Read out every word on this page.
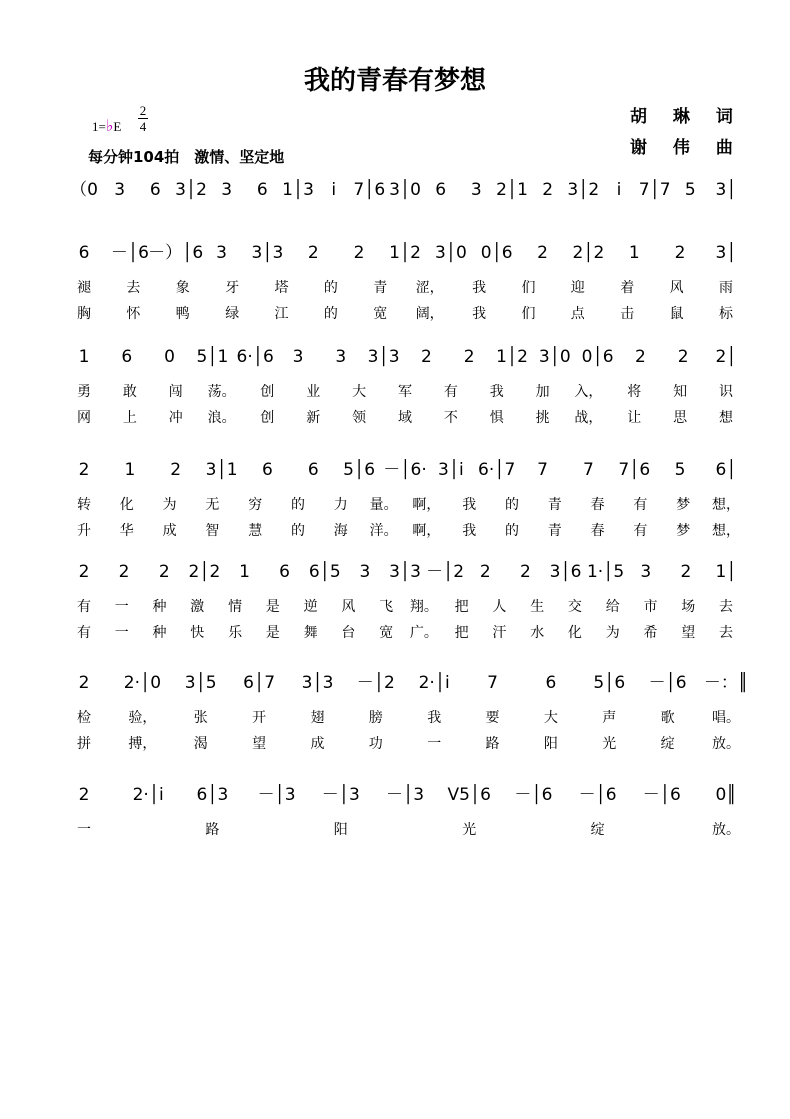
我的青春有梦想
1=♭E
2
4
每分钟104拍　激情、坚定地
胡 琳 词
谢 伟 曲
（0 3 6 3│2 3 6 1│3 i 7│6 3│0 6 3 2│1 2 3│2 i 7│7 5 3│
6 －│6 －）│6 3 3│3 2 2 1│2 3│0 0│6 2 2│2 1 2 3│
褪	去	象	牙	塔	的	青 涩， 我	们	迎	着	风	雨
胸	怀	鸭	绿	江	的	宽 阔， 我	们	点	击	鼠	标
1 6 0 5│1 6·│6 3 3 3│3 2 2 1│2 3│0 0│6 2 2 2│
勇 敢 闯 荡。 创 业 大 军 有 我 加 入， 将 知 识
网 上 冲 浪。 创 新 领 域 不 惧 挑 战， 让 思 想
2 1 2 3│1 6 6 5│6 －│6· 3│i 6·│7 7 7 7│6 5 6│
转 化 为 无 穷 的 力 量。 啊， 我 的 青 春 有 梦 想，
升 华 成 智 慧 的 海 洋。 啊， 我 的 青 春 有 梦 想，
2 2 2 2│2 1 6 6│5 3 3│3 －│2 2 2 3│6 1·│5 3 2 1│
有 一 种 激 情 是 逆 风 飞 翔。 把 人 生 交 给 市 场 去
有 一 种 快 乐 是 舞 台 宽 广。 把 汗 水 化 为 希 望 去
2 2·│0 3│5 6│7 3│3 －│2 2·│i 7	6 5│6 －│6 －：║
检	验，	张	开	翅	膀	我	要	大	声	歌	唱。
拼	搏，	渴	望	成	功	一	路	阳	光	绽	放。
2	2·│i 6│3 －│3 －│3 －│3 V5│6 －│6 －│6 －│6 0║
一	路	阳	光	绽	放。
